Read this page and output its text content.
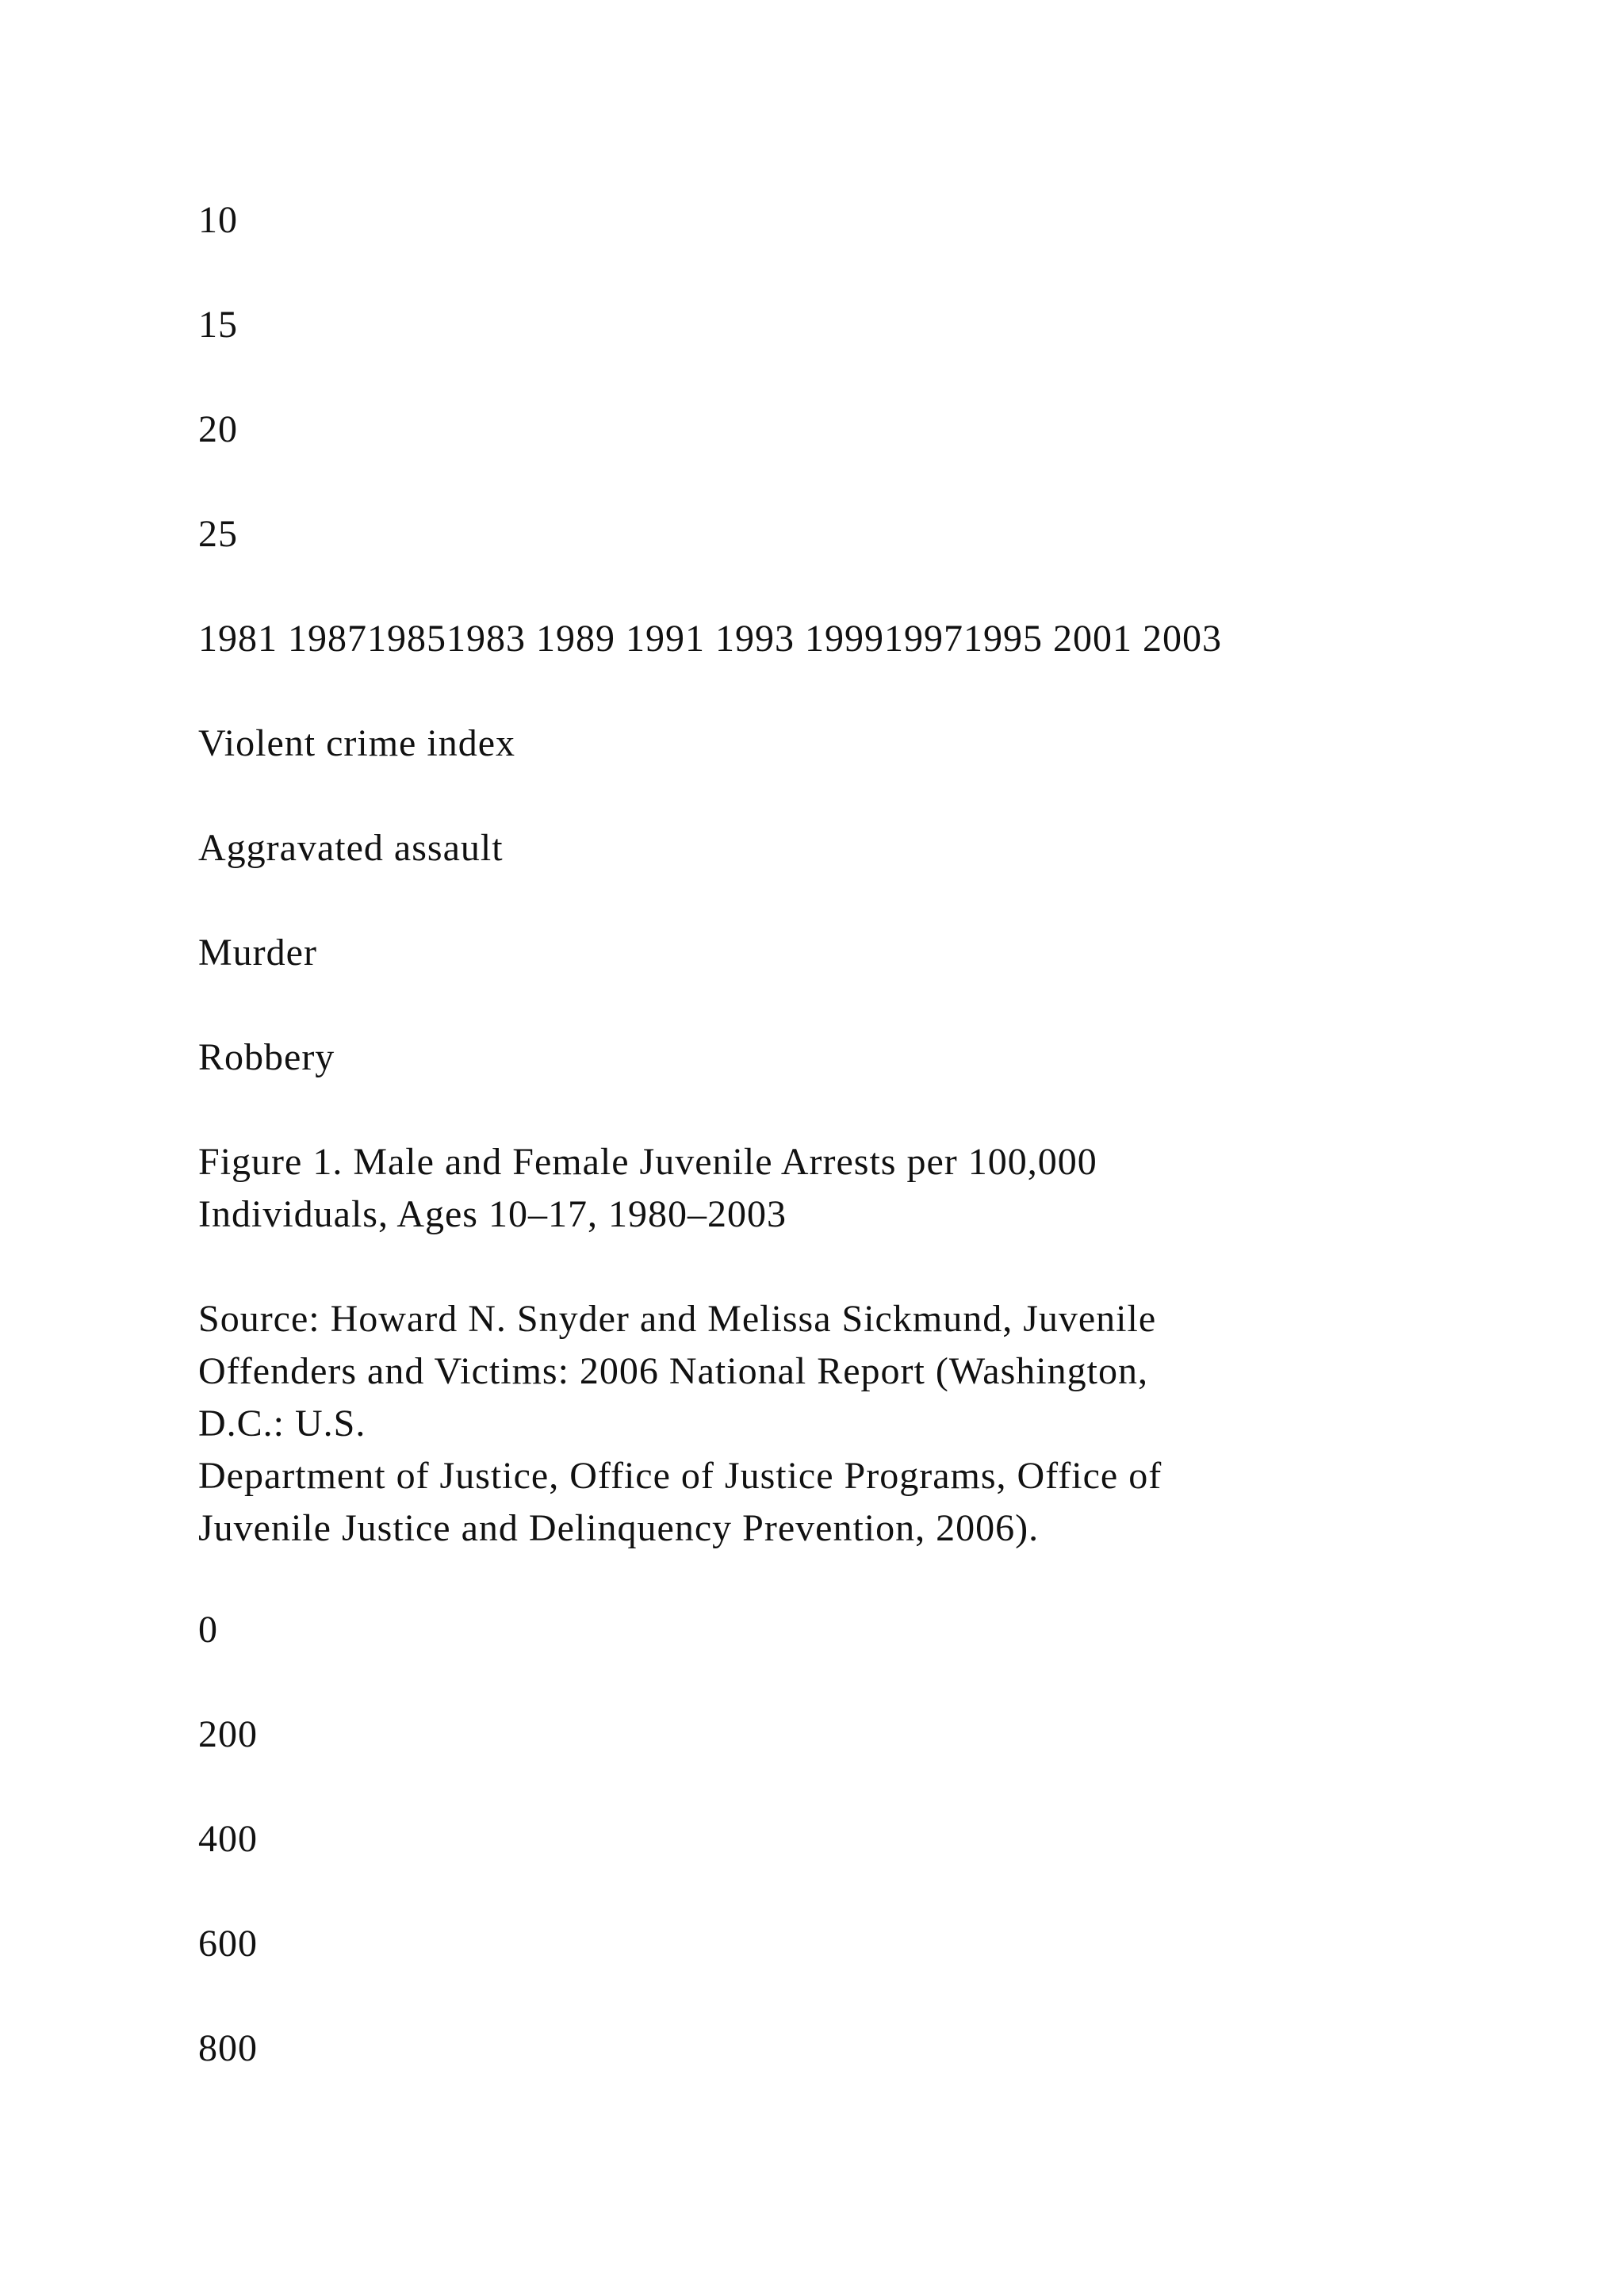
10

15

20

25

1981 198719851983 1989 1991 1993 199919971995 2001 2003

Violent crime index

Aggravated assault

Murder

Robbery

Figure 1. Male and Female Juvenile Arrests per 100,000
Individuals, Ages 10–17, 1980–2003
Source: Howard N. Snyder and Melissa Sickmund, Juvenile
Offenders and Victims: 2006 National Report (Washington,
D.C.: U.S.
Department of Justice, Office of Justice Programs, Office of
Juvenile Justice and Delinquency Prevention, 2006).

0

200

400

600

800
